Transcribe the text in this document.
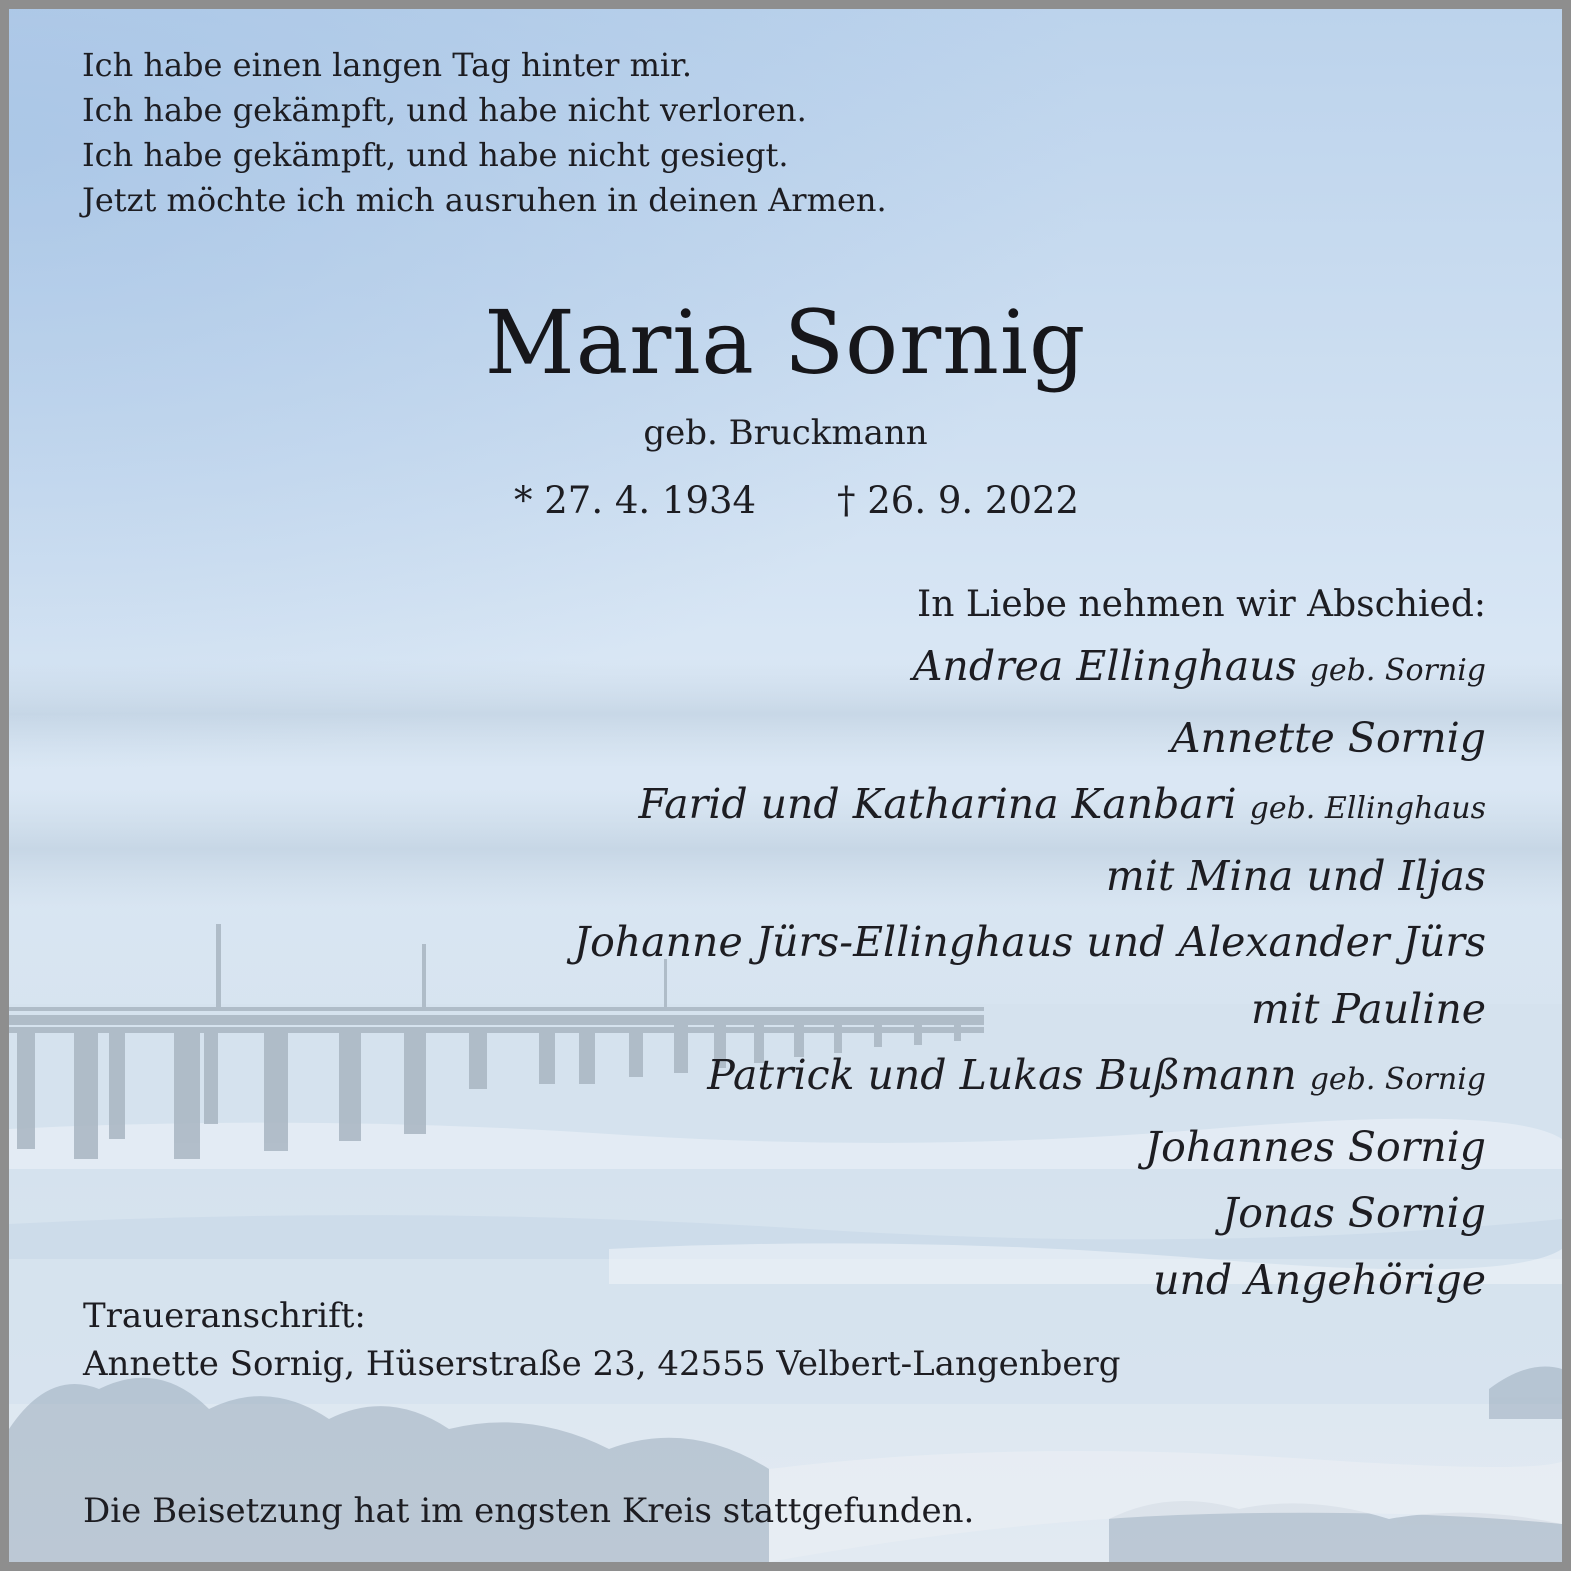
Ich habe einen langen Tag hinter mir.
Ich habe gekämpft, und habe nicht verloren.
Ich habe gekämpft, und habe nicht gesiegt.
Jetzt möchte ich mich ausruhen in deinen Armen.
Maria Sornig
geb. Bruckmann
* 27. 4. 1934 † 26. 9. 2022
In Liebe nehmen wir Abschied:
Andrea Ellinghaus geb. Sornig
Annette Sornig
Farid und Katharina Kanbari geb. Ellinghaus
mit Mina und Iljas
Johanne Jürs-Ellinghaus und Alexander Jürs
mit Pauline
Patrick und Lukas Bußmann geb. Sornig
Johannes Sornig
Jonas Sornig
und Angehörige
Traueranschrift:
Annette Sornig, Hüserstraße 23, 42555 Velbert-Langenberg
Die Beisetzung hat im engsten Kreis stattgefunden.
